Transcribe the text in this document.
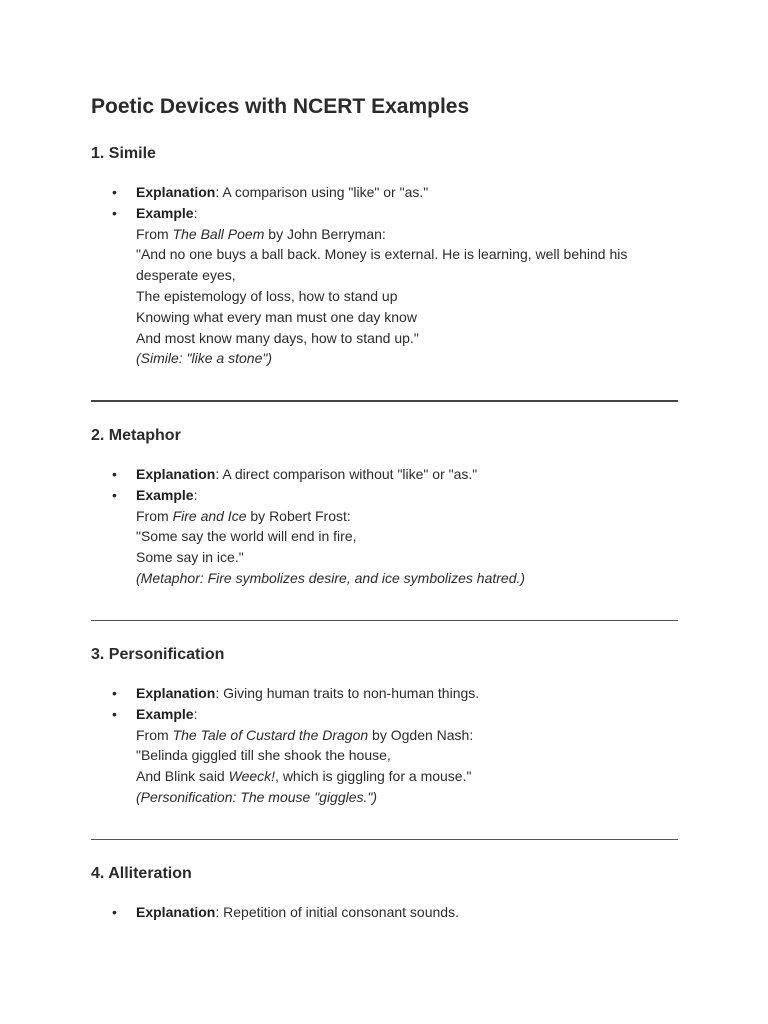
Poetic Devices with NCERT Examples
1. Simile
• Explanation: A comparison using "like" or "as."
• Example:
From The Ball Poem by John Berryman:
"And no one buys a ball back. Money is external. He is learning, well behind his desperate eyes,
The epistemology of loss, how to stand up
Knowing what every man must one day know
And most know many days, how to stand up."
(Simile: "like a stone")
2. Metaphor
• Explanation: A direct comparison without "like" or "as."
• Example:
From Fire and Ice by Robert Frost:
"Some say the world will end in fire,
Some say in ice."
(Metaphor: Fire symbolizes desire, and ice symbolizes hatred.)
3. Personification
• Explanation: Giving human traits to non-human things.
• Example:
From The Tale of Custard the Dragon by Ogden Nash:
"Belinda giggled till she shook the house,
And Blink said Weeck!, which is giggling for a mouse."
(Personification: The mouse "giggles.")
4. Alliteration
• Explanation: Repetition of initial consonant sounds.
